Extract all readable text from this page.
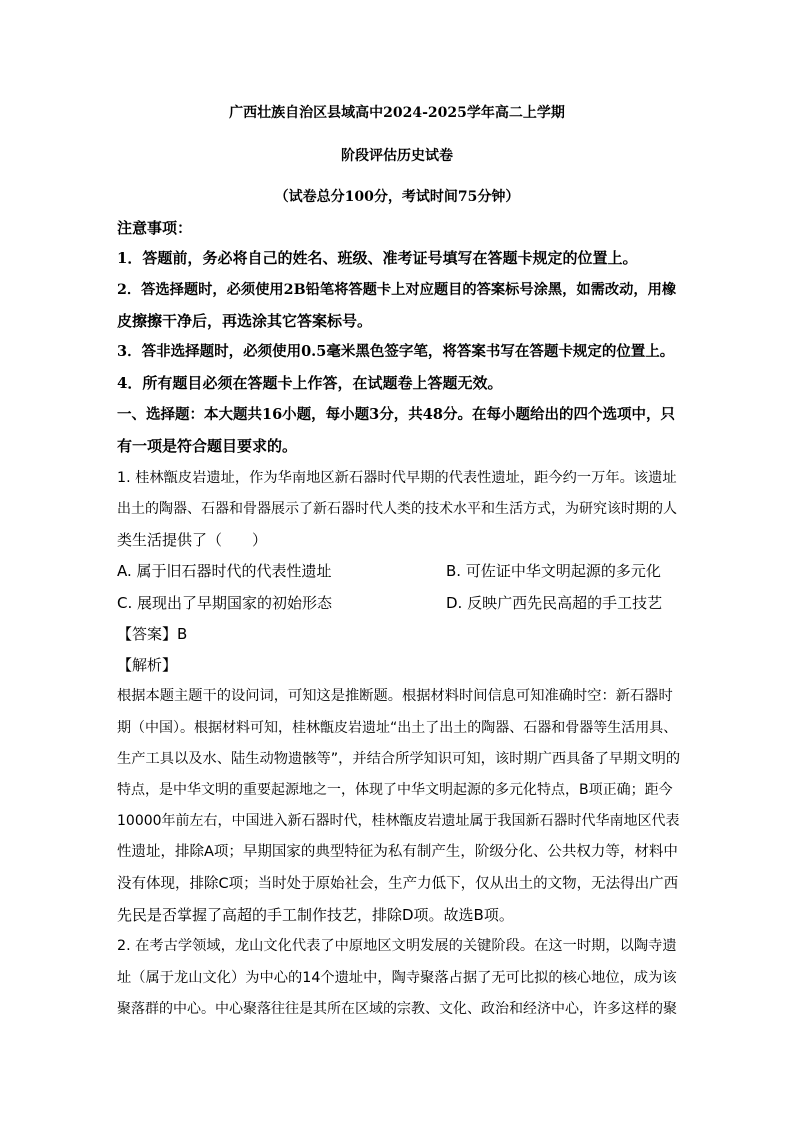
广西壮族自治区县域高中2024-2025学年高二上学期
阶段评估历史试卷
（试卷总分100分，考试时间75分钟）

注意事项：

1．答题前，务必将自己的姓名、班级、准考证号填写在答题卡规定的位置上。

2．答选择题时，必须使用2B铅笔将答题卡上对应题目的答案标号涂黑，如需改动，用橡

皮擦擦干净后，再选涂其它答案标号。

3．答非选择题时，必须使用0.5毫米黑色签字笔，将答案书写在答题卡规定的位置上。

4．所有题目必须在答题卡上作答，在试题卷上答题无效。

一、选择题：本大题共16小题，每小题3分，共48分。在每小题给出的四个选项中，只

有一项是符合题目要求的。

1. 桂林甑皮岩遗址，作为华南地区新石器时代早期的代表性遗址，距今约一万年。该遗址

出土的陶器、石器和骨器展示了新石器时代人类的技术水平和生活方式，为研究该时期的人

类生活提供了（　　）

A. 属于旧石器时代的代表性遗址	B. 可佐证中华文明起源的多元化

C. 展现出了早期国家的初始形态	D. 反映广西先民高超的手工技艺

【答案】B

【解析】

根据本题主题干的设问词，可知这是推断题。根据材料时间信息可知准确时空：新石器时

期（中国）。根据材料可知，桂林甑皮岩遗址“出土了出土的陶器、石器和骨器等生活用具、

生产工具以及水、陆生动物遗骸等”，并结合所学知识可知，该时期广西具备了早期文明的

特点，是中华文明的重要起源地之一，体现了中华文明起源的多元化特点，B项正确；距今

10000年前左右，中国进入新石器时代，桂林甑皮岩遗址属于我国新石器时代华南地区代表

性遗址，排除A项；早期国家的典型特征为私有制产生，阶级分化、公共权力等，材料中

没有体现，排除C项；当时处于原始社会，生产力低下，仅从出土的文物，无法得出广西

先民是否掌握了高超的手工制作技艺，排除D项。故选B项。

2. 在考古学领域，龙山文化代表了中原地区文明发展的关键阶段。在这一时期，以陶寺遗

址（属于龙山文化）为中心的14个遗址中，陶寺聚落占据了无可比拟的核心地位，成为该

聚落群的中心。中心聚落往往是其所在区域的宗教、文化、政治和经济中心，许多这样的聚
